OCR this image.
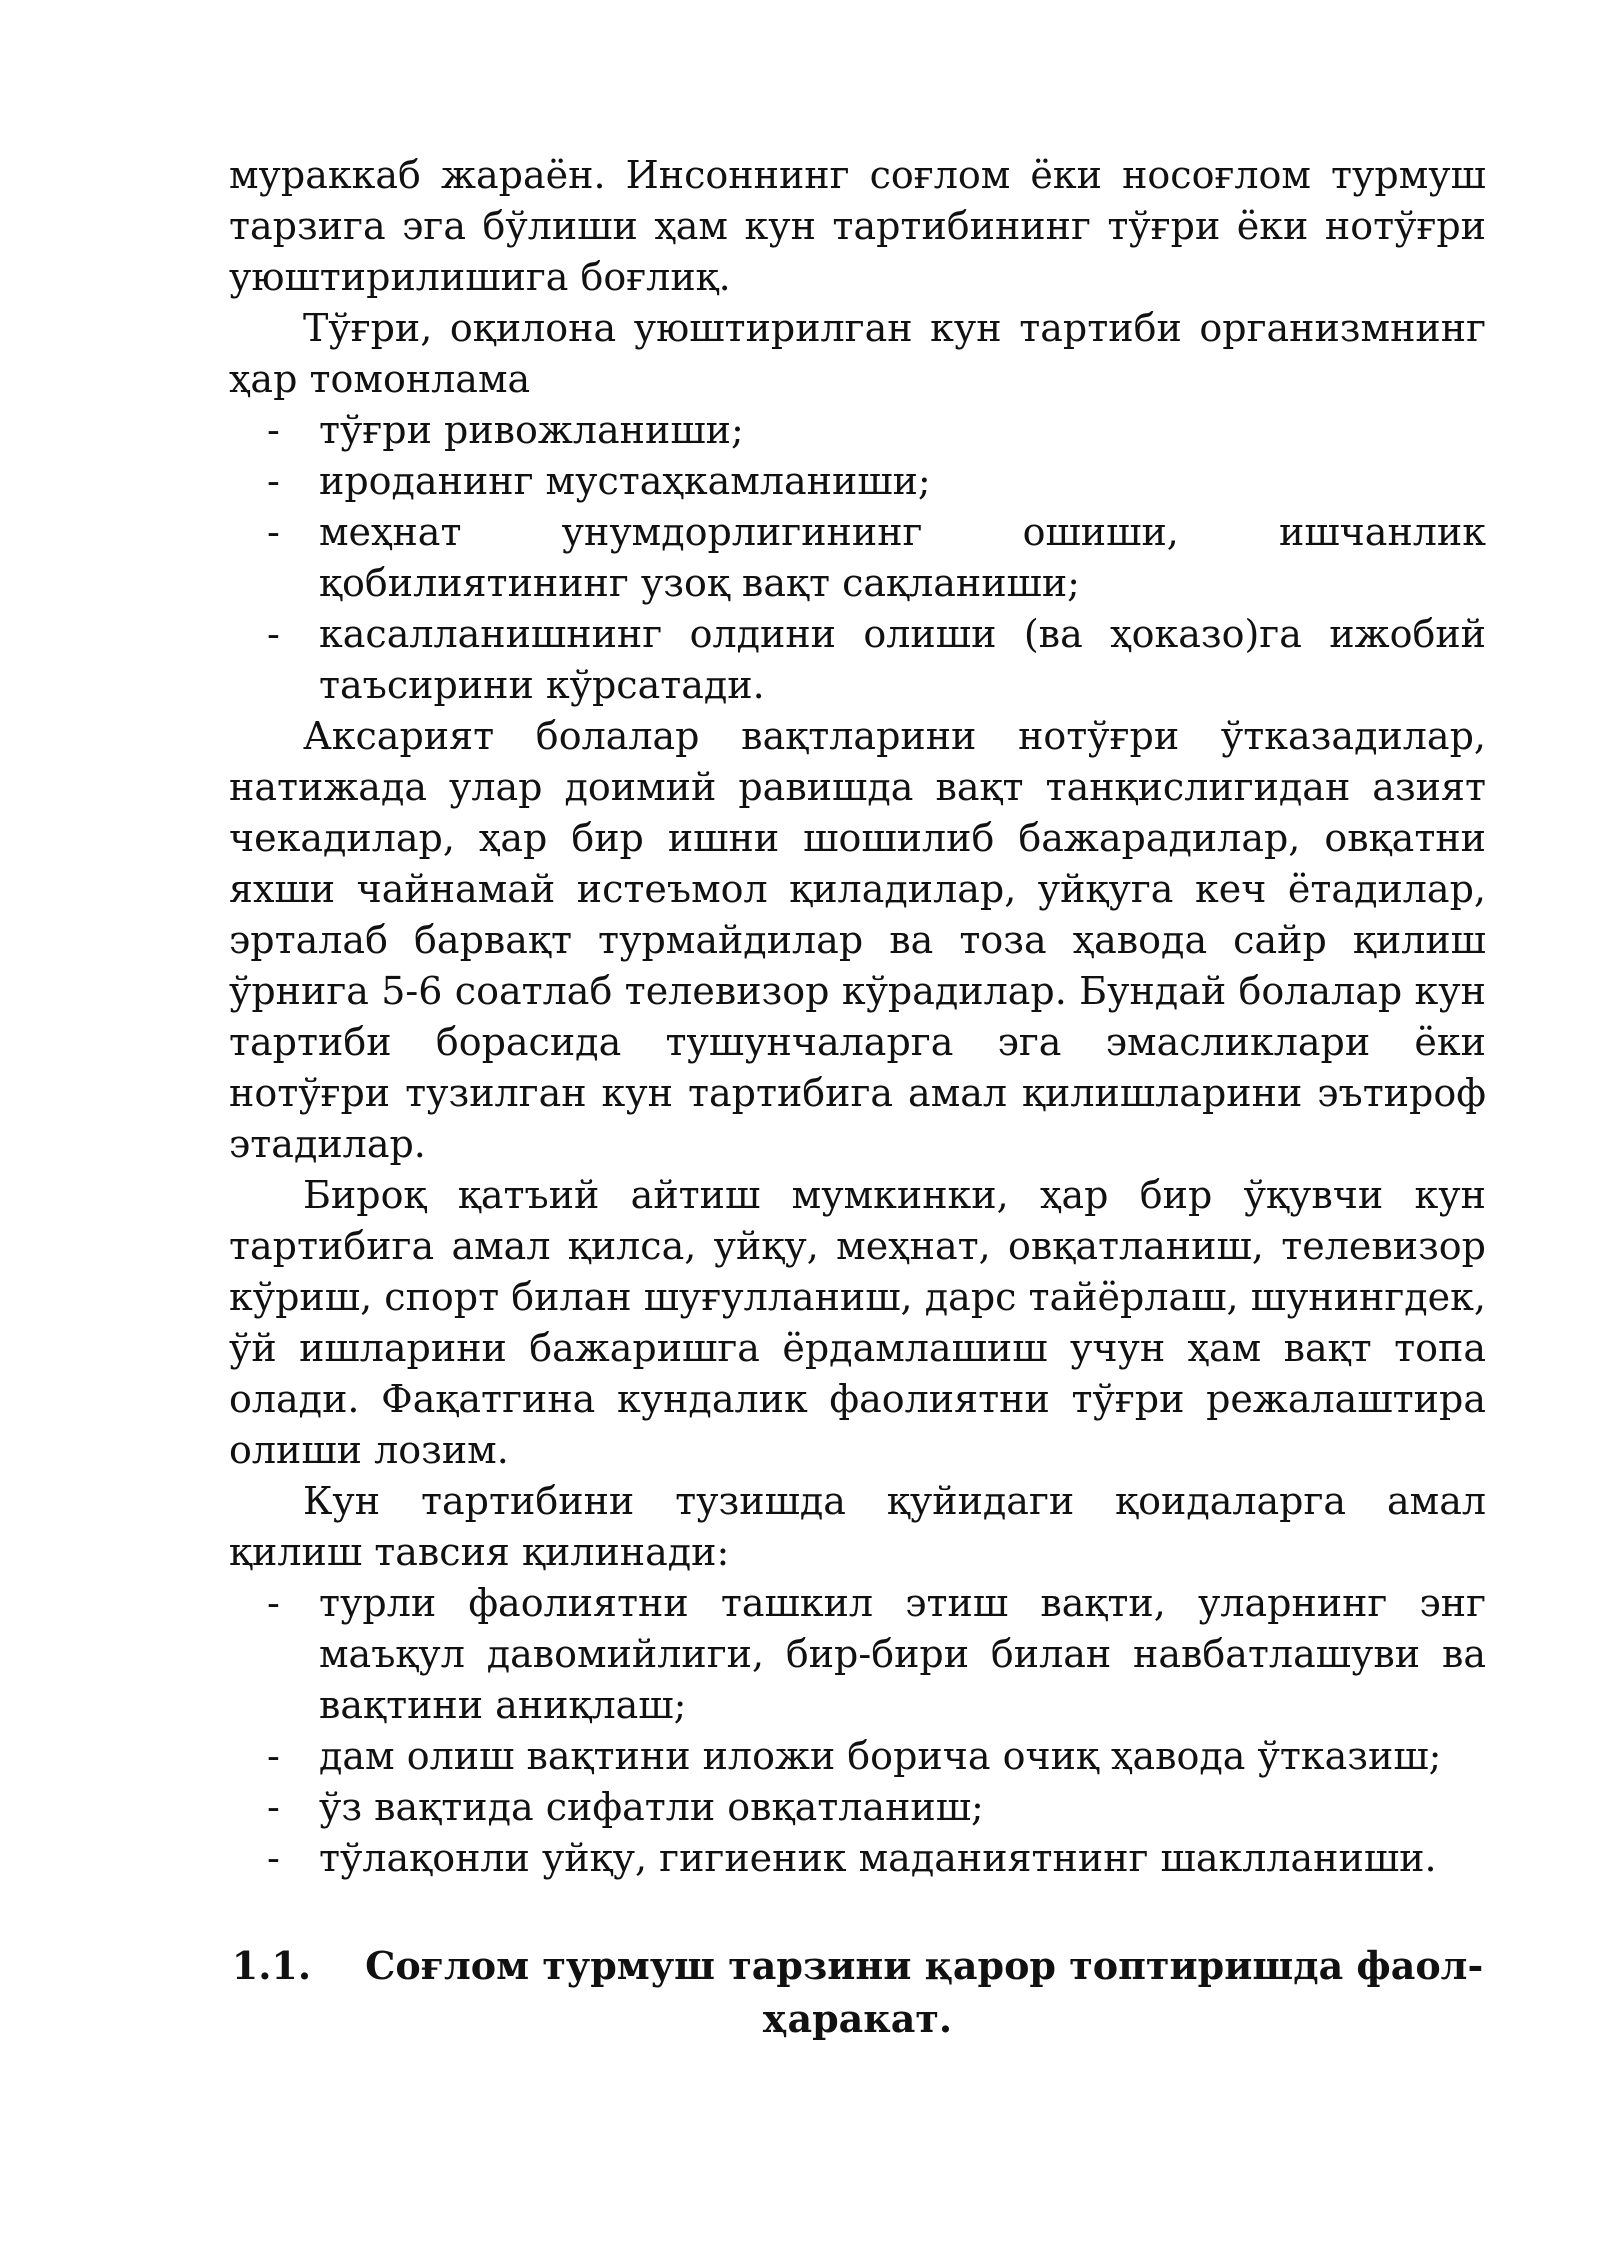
мураккаб жараён. Инсоннинг соғлом ёки носоғлом турмуш тарзига эга бўлиши ҳам кун тартибининг тўғри ёки нотўғри уюштирилишига боғлиқ.

Тўғри, оқилона уюштирилган кун тартиби организмнинг ҳар томонлама

- тўғри ривожланиши;
- ироданинг мустаҳкамланиши;
- меҳнат унумдорлигининг ошиши, ишчанлик қобилиятининг узоқ вақт сақланиши;
- касалланишнинг олдини олиши (ва ҳоказо)га ижобий таъсирини кўрсатади.

Аксарият болалар вақтларини нотўғри ўтказадилар, натижада улар доимий равишда вақт танқислигидан азият чекадилар, ҳар бир ишни шошилиб бажарадилар, овқатни яхши чайнамай истеъмол қиладилар, уйқуга кеч ётадилар, эрталаб барвақт турмайдилар ва тоза ҳавода сайр қилиш ўрнига 5-6 соатлаб телевизор кўрадилар. Бундай болалар кун тартиби борасида тушунчаларга эга эмасликлари ёки нотўғри тузилган кун тартибига амал қилишларини эътироф этадилар.

Бироқ қатъий айтиш мумкинки, ҳар бир ўқувчи кун тартибига амал қилса, уйқу, меҳнат, овқатланиш, телевизор кўриш, спорт билан шуғулланиш, дарс тайёрлаш, шунингдек, ўй ишларини бажаришга ёрдамлашиш учун ҳам вақт топа олади. Фақатгина кундалик фаолиятни тўғри режалаштира олиши лозим.

Кун тартибини тузишда қуйидаги қоидаларга амал қилиш тавсия қилинади:

- турли фаолиятни ташкил этиш вақти, уларнинг энг маъқул давомийлиги, бир-бири билан навбатлашуви ва вақтини аниқлаш;
- дам олиш вақтини иложи борича очиқ ҳавода ўтказиш;
- ўз вақтида сифатли овқатланиш;
- тўлақонли уйқу, гигиеник маданиятнинг шаклланиши.
1.1. Соғлом турмуш тарзини қарор топтиришда фаол-ҳаракат.
